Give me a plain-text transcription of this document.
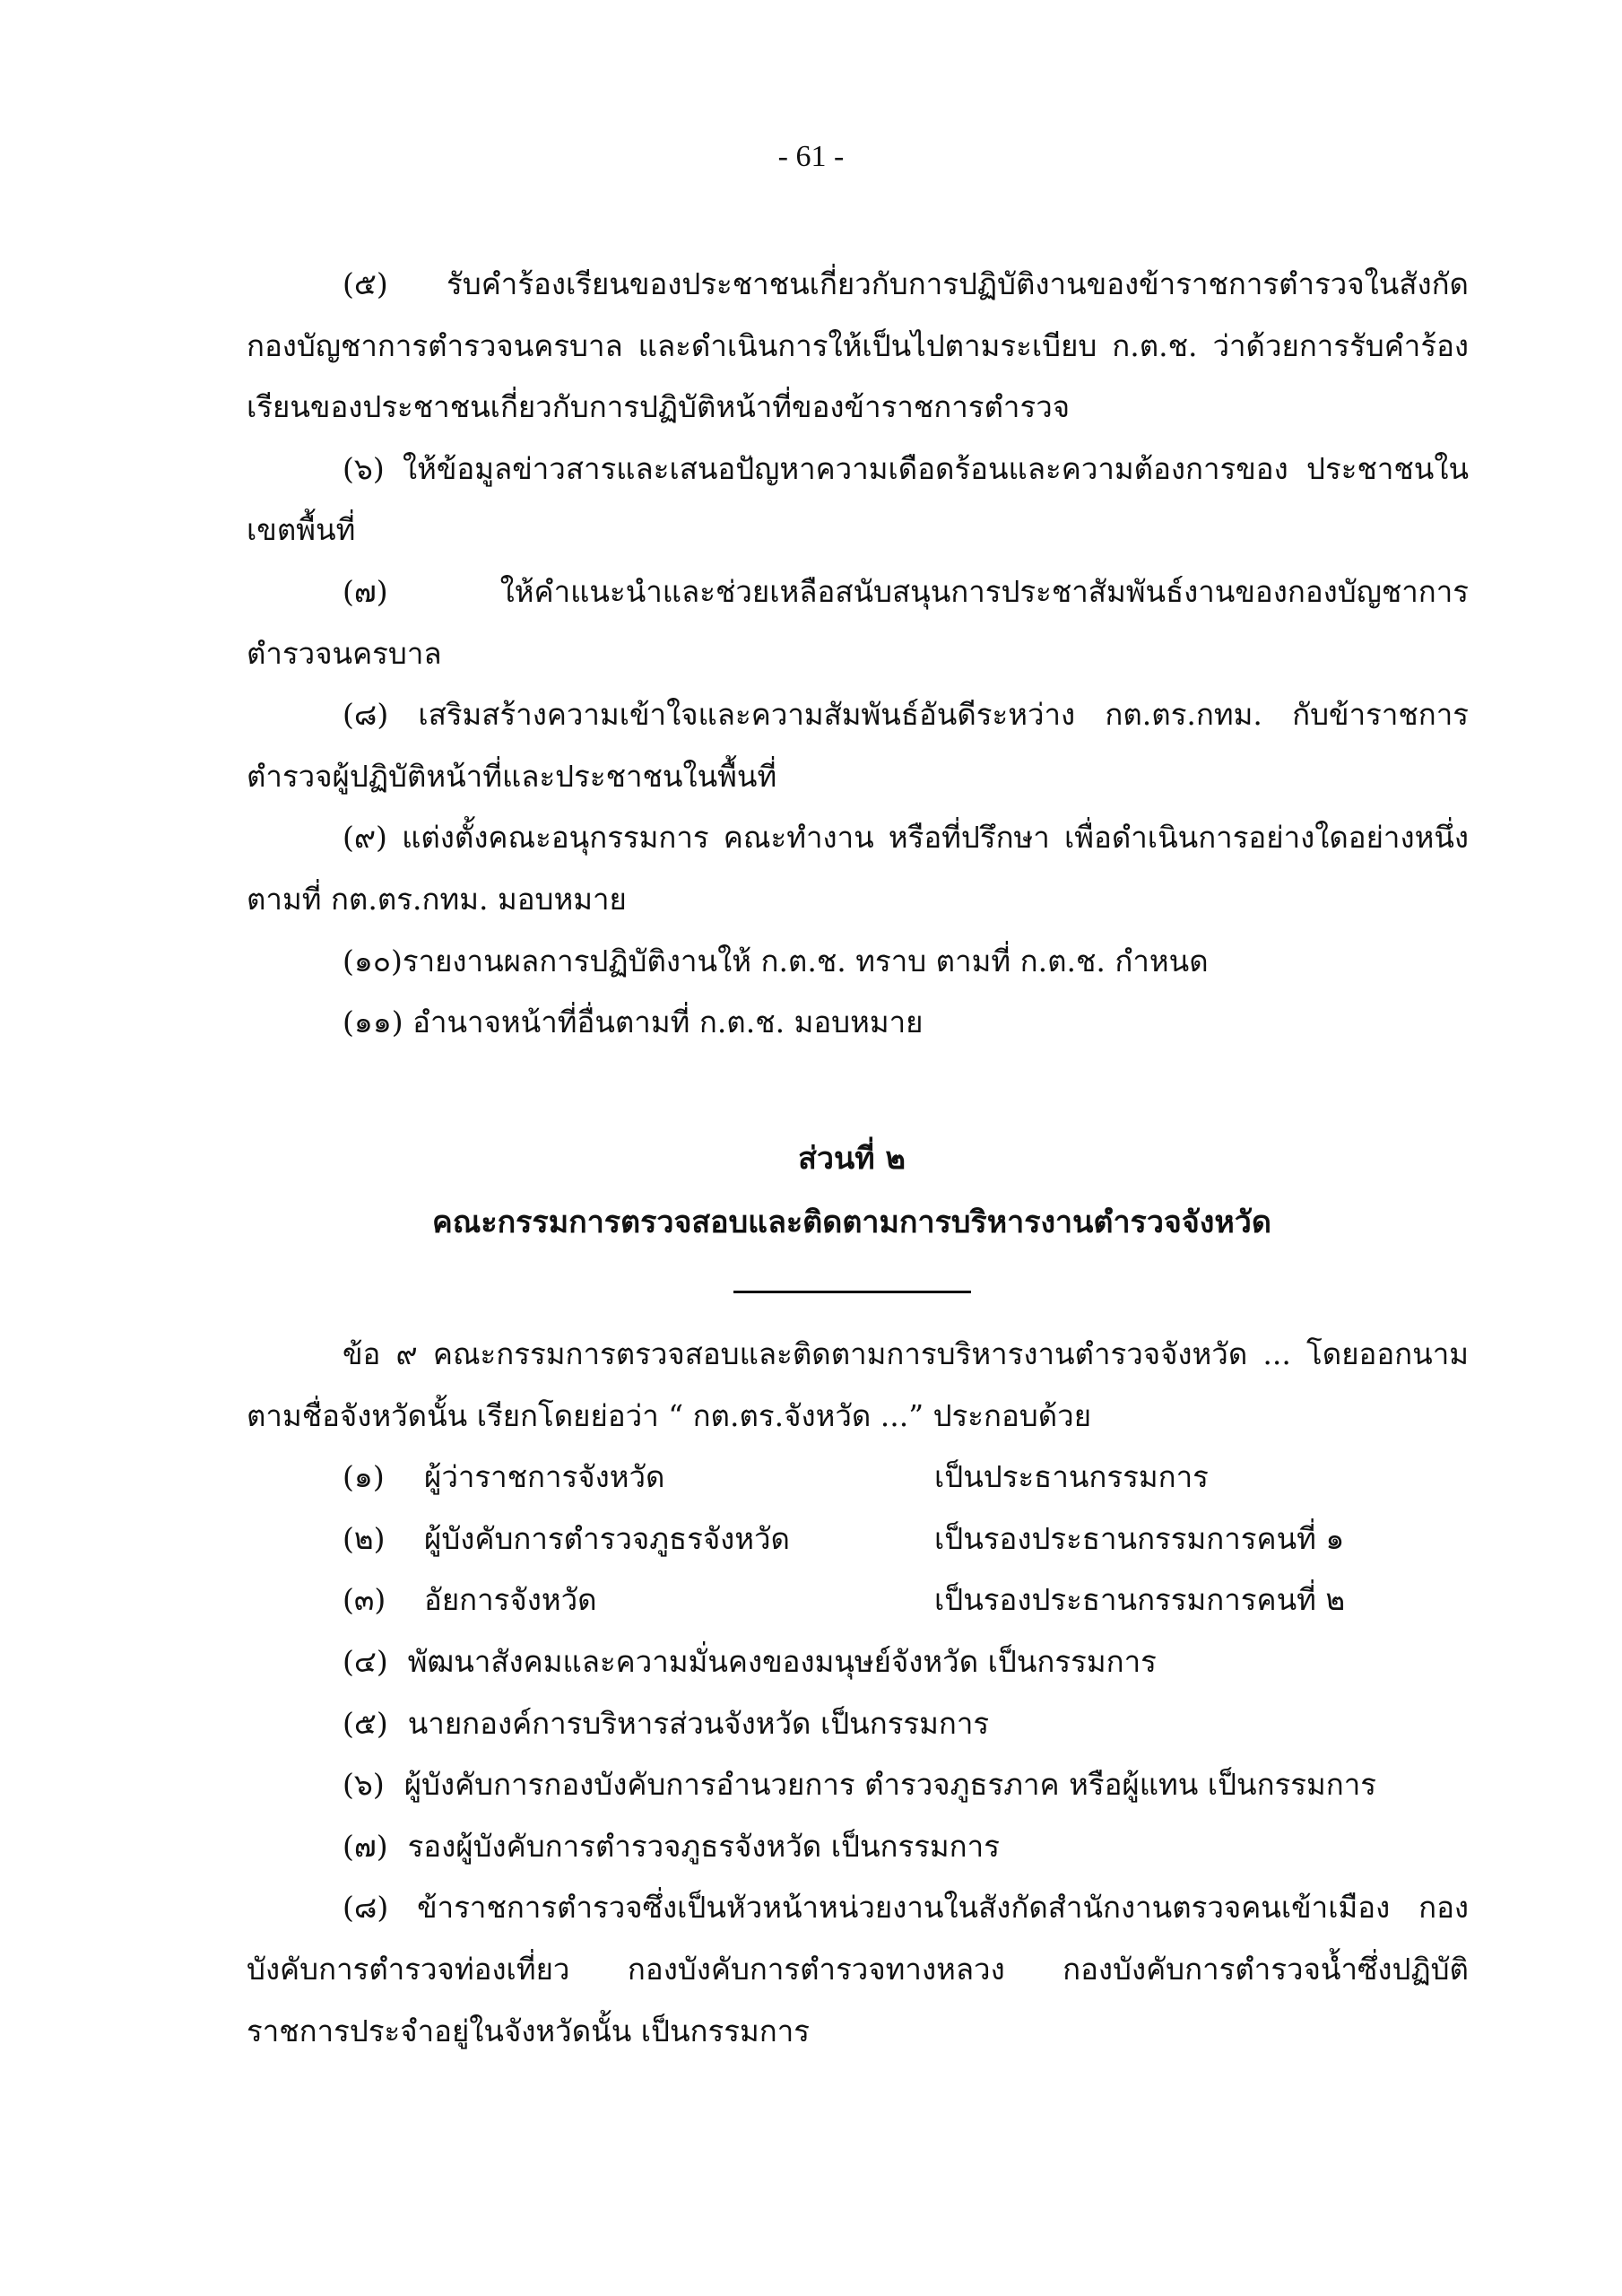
- 61 -

(๕) รับคำร้องเรียนของประชาชนเกี่ยวกับการปฏิบัติงานของข้าราชการตำรวจในสังกัด กองบัญชาการตำรวจนครบาล และดำเนินการให้เป็นไปตามระเบียบ ก.ต.ช. ว่าด้วยการรับคำร้องเรียนของประชาชนเกี่ยวกับการปฏิบัติหน้าที่ของข้าราชการตำรวจ

(๖) ให้ข้อมูลข่าวสารและเสนอปัญหาความเดือดร้อนและความต้องการของ ประชาชนในเขตพื้นที่

(๗) ให้คำแนะนำและช่วยเหลือสนับสนุนการประชาสัมพันธ์งานของกองบัญชาการตำรวจนครบาล

(๘) เสริมสร้างความเข้าใจและความสัมพันธ์อันดีระหว่าง กต.ตร.กทม. กับข้าราชการตำรวจผู้ปฏิบัติหน้าที่และประชาชนในพื้นที่

(๙) แต่งตั้งคณะอนุกรรมการ คณะทำงาน หรือที่ปรึกษา เพื่อดำเนินการอย่างใดอย่างหนึ่งตามที่ กต.ตร.กทม. มอบหมาย

(๑๐)รายงานผลการปฏิบัติงานให้ ก.ต.ช. ทราบ ตามที่ ก.ต.ช. กำหนด

(๑๑) อำนาจหน้าที่อื่นตามที่ ก.ต.ช. มอบหมาย

ส่วนที่ ๒
คณะกรรมการตรวจสอบและติดตามการบริหารงานตำรวจจังหวัด

ข้อ ๙ คณะกรรมการตรวจสอบและติดตามการบริหารงานตำรวจจังหวัด ... โดยออกนามตามชื่อจังหวัดนั้น เรียกโดยย่อว่า “ กต.ตร.จังหวัด ...” ประกอบด้วย

(๑) ผู้ว่าราชการจังหวัด	เป็นประธานกรรมการ
(๒) ผู้บังคับการตำรวจภูธรจังหวัด	เป็นรองประธานกรรมการคนที่ ๑
(๓) อัยการจังหวัด	เป็นรองประธานกรรมการคนที่ ๒

(๔) พัฒนาสังคมและความมั่นคงของมนุษย์จังหวัด เป็นกรรมการ

(๕) นายกองค์การบริหารส่วนจังหวัด เป็นกรรมการ

(๖) ผู้บังคับการกองบังคับการอำนวยการ ตำรวจภูธรภาค หรือผู้แทน เป็นกรรมการ

(๗) รองผู้บังคับการตำรวจภูธรจังหวัด เป็นกรรมการ

(๘) ข้าราชการตำรวจซึ่งเป็นหัวหน้าหน่วยงานในสังกัดสำนักงานตรวจคนเข้าเมือง กองบังคับการตำรวจท่องเที่ยว กองบังคับการตำรวจทางหลวง กองบังคับการตำรวจน้ำซึ่งปฏิบัติราชการประจำอยู่ในจังหวัดนั้น เป็นกรรมการ
